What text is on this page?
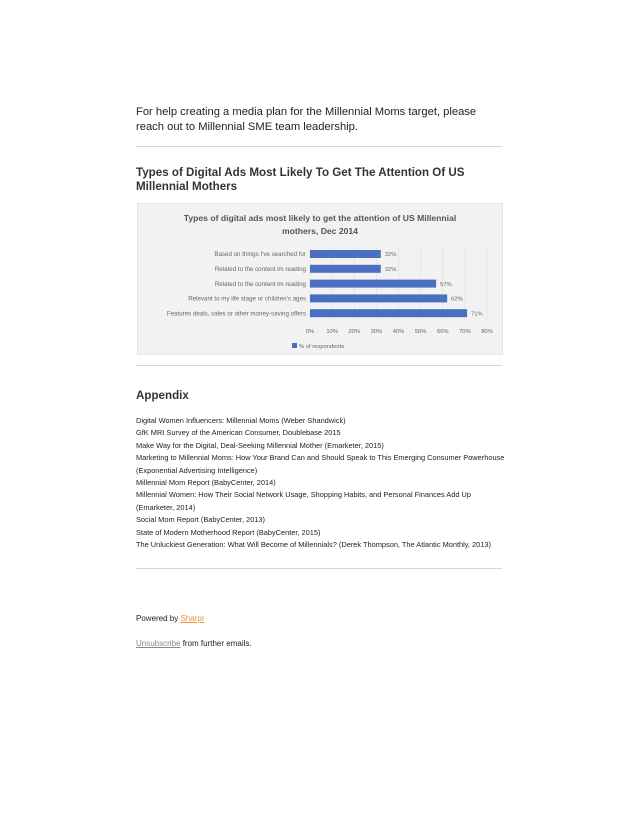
For help creating a media plan for the Millennial Moms target, please reach out to Millennial SME team leadership.

Types of Digital Ads Most Likely To Get The Attention Of US Millennial Mothers
Types of digital ads most likely to get the attention of US Millennial
mothers, Dec 2014
0% 10% 20% 30% 40% 50% 60% 70% 80%
Based on things I've searched for	32%
Related to the content im reading	32%
Related to the content im reading	57%
Relevant to my life stage or children's ages	62%
Features deals, sales or other money-saving offers	71%
% of respondents
Appendix
Digital Women Influencers: Millennial Moms (Weber Shandwick)
GfK MRI Survey of the American Consumer, Doublebase 2015
Make Way for the Digital, Deal-Seeking Millennial Mother (Emarketer, 2015)
Marketing to Millennial Moms: How Your Brand Can and Should Speak to This Emerging Consumer Powerhouse
(Exponential Advertising Intelligence)
Millennial Mom Report (BabyCenter, 2014)
Millennial Women: How Their Social Network Usage, Shopping Habits, and Personal Finances Add Up
(Emarketer, 2014)
Social Mom Report (BabyCenter, 2013)
State of Modern Motherhood Report (BabyCenter, 2015)
The Unluckiest Generation: What Will Become of Millennials? (Derek Thompson, The Atlantic Monthly, 2013)
Powered by Sharpr
Unsubscribe from further emails.
